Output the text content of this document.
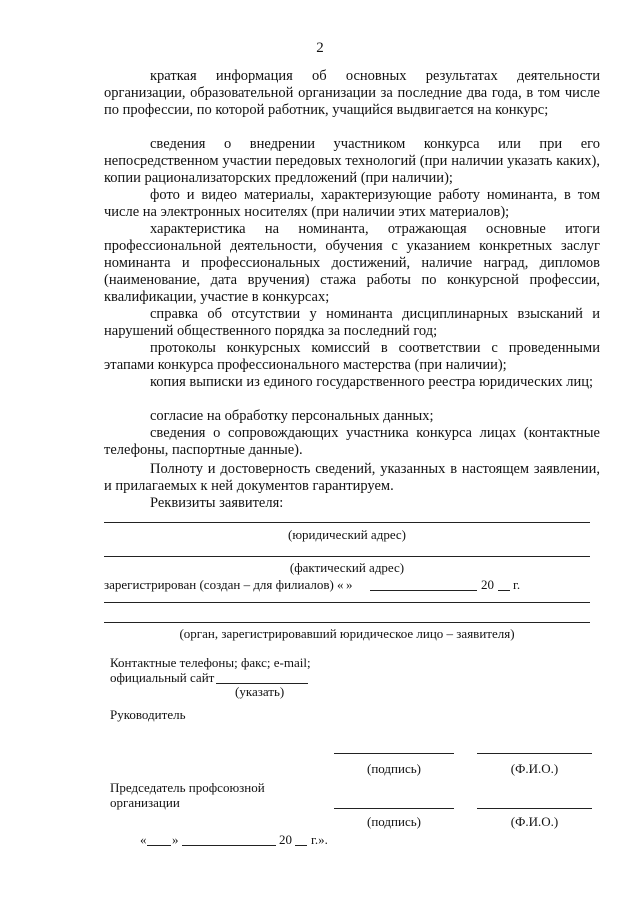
2
краткая информация об основных результатах деятельности организации, образовательной организации за последние два года, в том числе по профессии, по которой работник, учащийся выдвигается на конкурс;
сведения о внедрении участником конкурса или при его непосредственном участии передовых технологий (при наличии указать каких), копии рационализаторских предложений (при наличии);
фото и видео материалы, характеризующие работу номинанта, в том числе на электронных носителях (при наличии этих материалов);
характеристика на номинанта, отражающая основные итоги профессиональной деятельности, обучения с указанием конкретных заслуг номинанта и профессиональных достижений, наличие наград, дипломов (наименование, дата вручения) стажа работы по конкурсной профессии, квалификации, участие в конкурсах;
справка об отсутствии у номинанта дисциплинарных взысканий и нарушений общественного порядка за последний год;
протоколы конкурсных комиссий в соответствии с проведенными этапами конкурса профессионального мастерства (при наличии);
копия выписки из единого государственного реестра юридических лиц;
согласие на обработку персональных данных;
сведения о сопровождающих участника конкурса лицах (контактные телефоны, паспортные данные).
Полноту и достоверность сведений, указанных в настоящем заявлении, и прилагаемых к ней документов гарантируем.
Реквизиты заявителя:
(юридический адрес)
(фактический адрес)
зарегистрирован (создан – для филиалов) « »	20 г.
(орган, зарегистрировавший юридическое лицо – заявителя)
Контактные телефоны; факс; e-mail;
официальный сайт
(указать)
Руководитель
(подпись)	(Ф.И.О.)
Председатель профсоюзной
организации
(подпись)	(Ф.И.О.)
« »	20 г.».
